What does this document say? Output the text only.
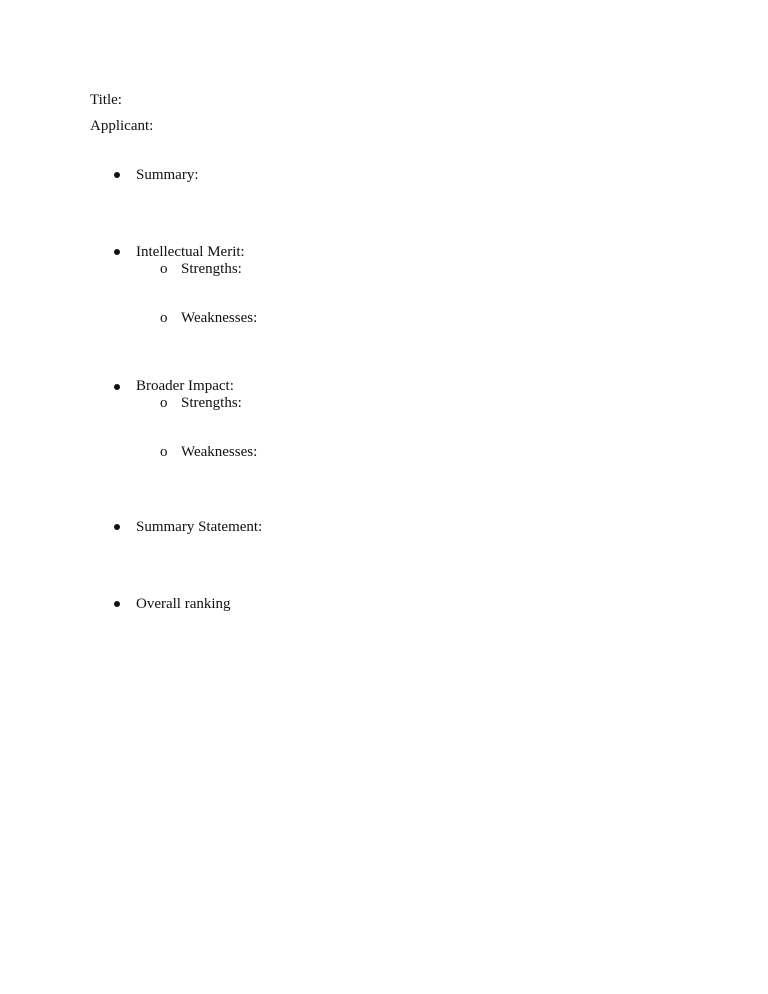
Title:
Applicant:
Summary:
Intellectual Merit:
o Strengths:
o Weaknesses:
Broader Impact:
o Strengths:
o Weaknesses:
Summary Statement:
Overall ranking
